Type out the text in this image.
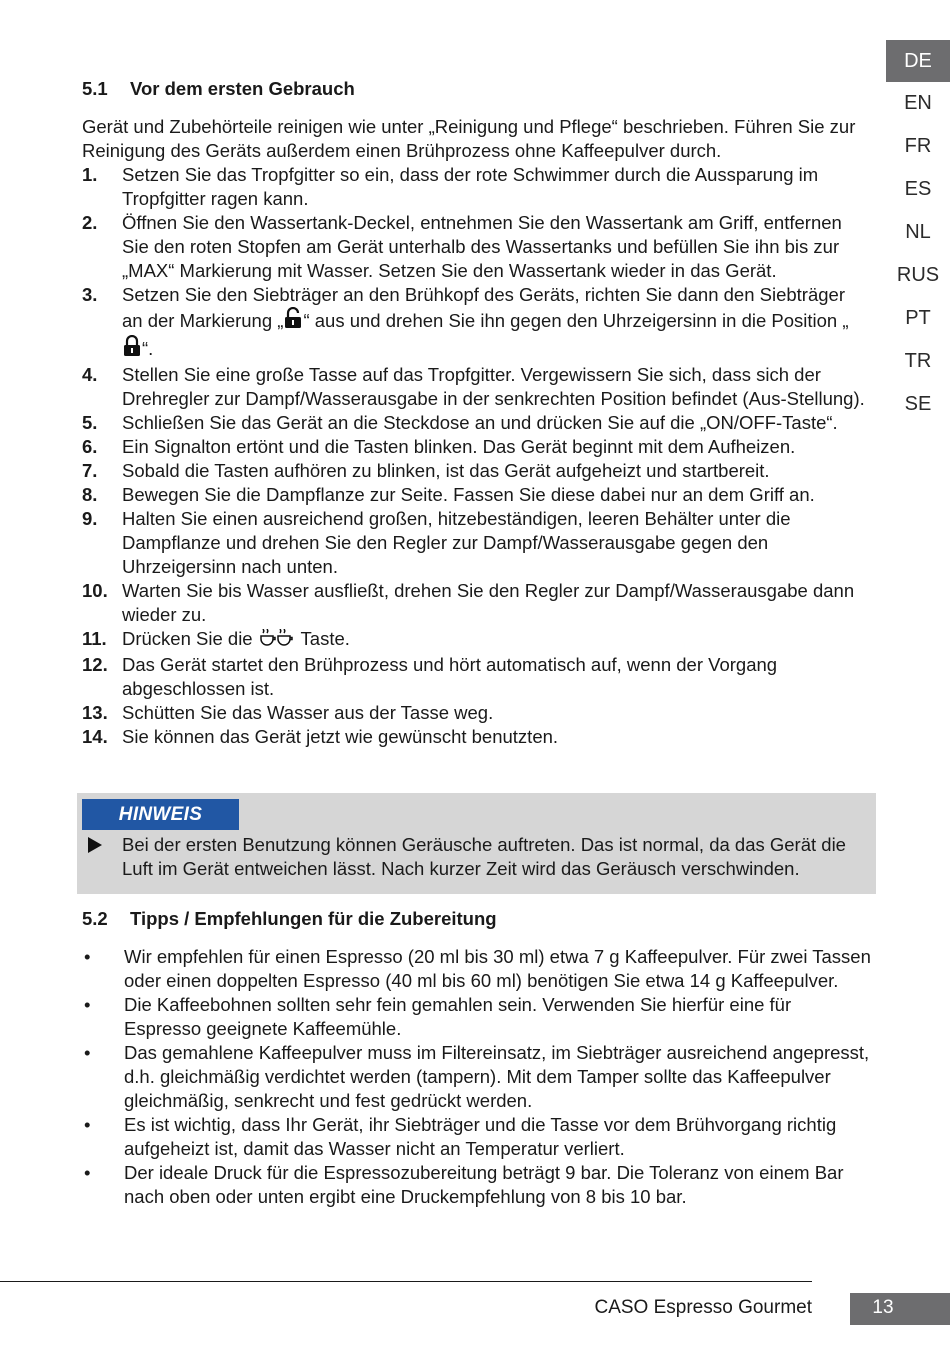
DE
EN
FR
ES
NL
RUS
PT
TR
SE
5.1	Vor dem ersten Gebrauch
Gerät und Zubehörteile reinigen wie unter „Reinigung und Pflege“ beschrieben. Führen Sie zur Reinigung des Geräts außerdem einen Brühprozess ohne Kaffeepulver durch.
1.	Setzen Sie das Tropfgitter so ein, dass der rote Schwimmer durch die Aussparung im Tropfgitter ragen kann.
2.	Öffnen Sie den Wassertank-Deckel, entnehmen Sie den Wassertank am Griff, entfernen Sie den roten Stopfen am Gerät unterhalb des Wassertanks und befüllen Sie ihn bis zur „MAX“ Markierung mit Wasser. Setzen Sie den Wassertank wieder in das Gerät.
3.	Setzen Sie den Siebträger an den Brühkopf des Geräts, richten Sie dann den Siebträger an der Markierung „ “ aus und drehen Sie ihn gegen den Uhrzeigersinn in die Position „“.
4.	Stellen Sie eine große Tasse auf das Tropfgitter. Vergewissern Sie sich, dass sich der Drehregler zur Dampf/Wasserausgabe in der senkrechten Position befindet (Aus-Stellung).
5.	Schließen Sie das Gerät an die Steckdose an und drücken Sie auf die „ON/OFF-Taste“.
6.	Ein Signalton ertönt und die Tasten blinken. Das Gerät beginnt mit dem Aufheizen.
7.	Sobald die Tasten aufhören zu blinken, ist das Gerät aufgeheizt und startbereit.
8.	Bewegen Sie die Dampflanze zur Seite. Fassen Sie diese dabei nur an dem Griff an.
9.	Halten Sie einen ausreichend großen, hitzebeständigen, leeren Behälter unter die Dampflanze und drehen Sie den Regler zur Dampf/Wasserausgabe gegen den Uhrzeigersinn nach unten.
10. Warten Sie bis Wasser ausfließt, drehen Sie den Regler zur Dampf/Wasserausgabe dann wieder zu.
11. Drücken Sie die  Taste.
12. Das Gerät startet den Brühprozess und hört automatisch auf, wenn der Vorgang abgeschlossen ist.
13. Schütten Sie das Wasser aus der Tasse weg.
14. Sie können das Gerät jetzt wie gewünscht benutzten.
HINWEIS
Bei der ersten Benutzung können Geräusche auftreten. Das ist normal, da das Gerät die Luft im Gerät entweichen lässt. Nach kurzer Zeit wird das Geräusch verschwinden.
5.2	Tipps / Empfehlungen für die Zubereitung
•	Wir empfehlen für einen Espresso (20 ml bis 30 ml) etwa 7 g Kaffeepulver. Für zwei Tassen oder einen doppelten Espresso (40 ml bis 60 ml) benötigen Sie etwa 14 g Kaffeepulver.
•	Die Kaffeebohnen sollten sehr fein gemahlen sein. Verwenden Sie hierfür eine für Espresso geeignete Kaffeemühle.
•	Das gemahlene Kaffeepulver muss im Filtereinsatz, im Siebträger ausreichend angepresst, d.h. gleichmäßig verdichtet werden (tampern). Mit dem Tamper sollte das Kaffeepulver gleichmäßig, senkrecht und fest gedrückt werden.
•	Es ist wichtig, dass Ihr Gerät, ihr Siebträger und die Tasse vor dem Brühvorgang richtig aufgeheizt ist, damit das Wasser nicht an Temperatur verliert.
•	Der ideale Druck für die Espressozubereitung beträgt 9 bar. Die Toleranz von einem Bar nach oben oder unten ergibt eine Druckempfehlung von 8 bis 10 bar.
CASO Espresso Gourmet	13
